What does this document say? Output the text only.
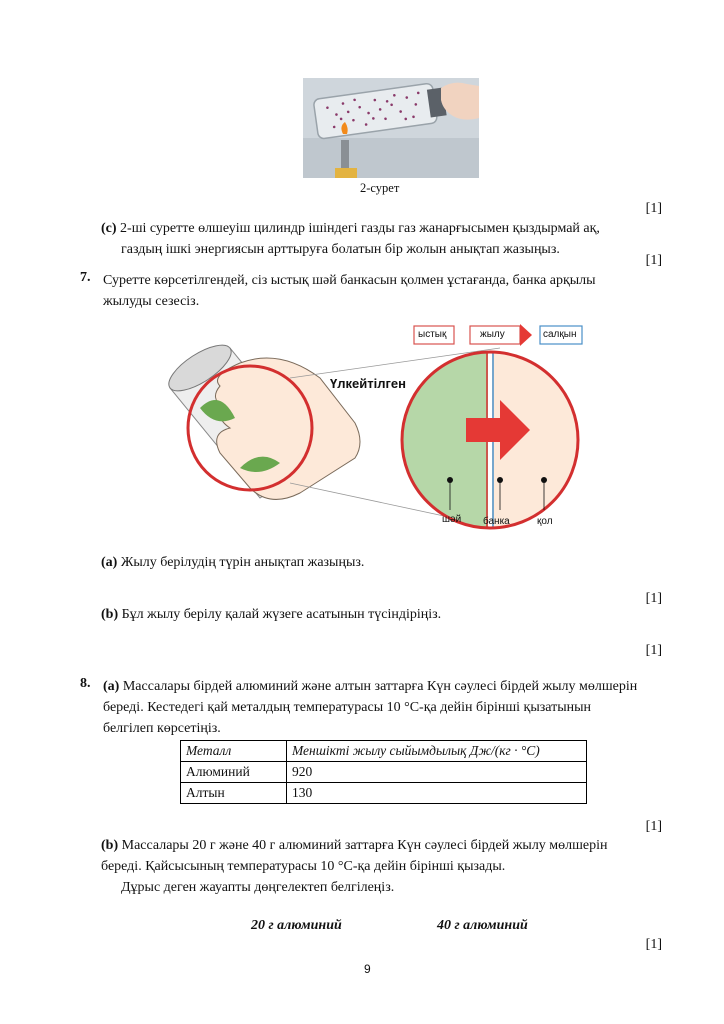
2-сурет
[1]

(c) 2-ші суретте өлшеуіш цилиндр ішіндегі газды газ жанарғысымен қыздырмай ақ,

газдың ішкі энергиясын арттыруға болатын бір жолын анықтап жазыңыз.

[1]
7. Суретте көрсетілгендей, сіз ыстық шәй банкасын қолмен ұстағанда, банка арқылы

жылуды сезесіз.

ыстық	жылу	салқын
Үлкейтілген
шәй банка	қол
(a) Жылу берілудің түрін анықтап жазыңыз.
[1]
(b) Бұл жылу берілу қалай жүзеге асатынын түсіндіріңіз.
[1]
8. (a) Массалары бірдей алюминий және алтын заттарға Күн сәулесі бірдей жылу мөлшерін

береді. Кестедегі қай металдың температурасы 10 °С-қа дейін бірінші қызатынын

белгілеп көрсетіңіз.

Металл	Меншікті жылу сыйымдылық Дж/(кг · °С)
Алюминий	920
Алтын	130
[1]

(b) Массалары 20 г және 40 г алюминий заттарға Күн сәулесі бірдей жылу мөлшерін

береді. Қайсысының температурасы 10 °С-қа дейін бірінші қызады.

Дұрыс деген жауапты дөңгелектеп белгілеңіз.
20 г алюминий	40 г алюминий
[1]
9
